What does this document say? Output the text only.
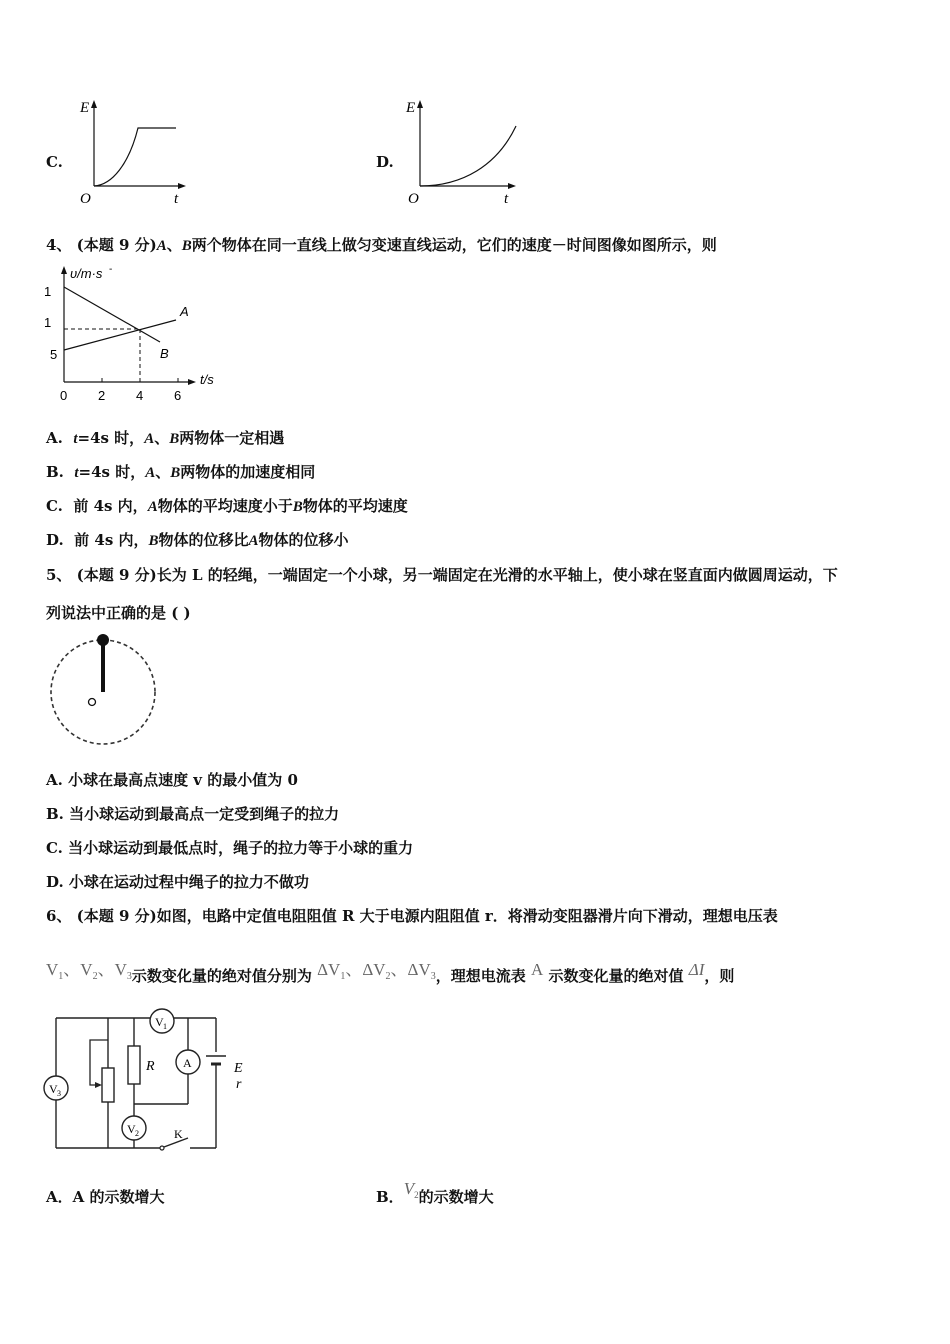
C.
E
O	t
D.
E
O	t
4、 (本题 9 分)A、B两个物体在同一直线上做匀变速直线运动，它们的速度－时间图像如图所示，则
υ/m·s -
t/s
1
1
5
0 2 4 6
A
B
A. t=4s 时，A、B两物体一定相遇
B. t=4s 时，A、B两物体的加速度相同
C. 前 4s 内，A物体的平均速度小于B物体的平均速度
D. 前 4s 内，B物体的位移比A物体的位移小
5、 (本题 9 分)长为 L 的轻绳，一端固定一个小球，另一端固定在光滑的水平轴上，使小球在竖直面内做圆周运动，下
列说法中正确的是 ( )
A. 小球在最高点速度 v 的最小值为 0
B. 当小球运动到最高点一定受到绳子的拉力
C. 当小球运动到最低点时，绳子的拉力等于小球的重力
D. 小球在运动过程中绳子的拉力不做功
6、 (本题 9 分)如图，电路中定值电阻阻值 R 大于电源内阻阻值 r．将滑动变阻器滑片向下滑动，理想电压表
$V_1$、$V_2$、$V_3$示数变化量的绝对值分别为 $\Delta V_1$、$\Delta V_2$、$\Delta V_3$，理想电流表 A 示数变化量的绝对值 ΔI，则
E
r
V 3
R
V 2
A
V 1
K
A．A 的示数增大	B．$V_2$的示数增大
